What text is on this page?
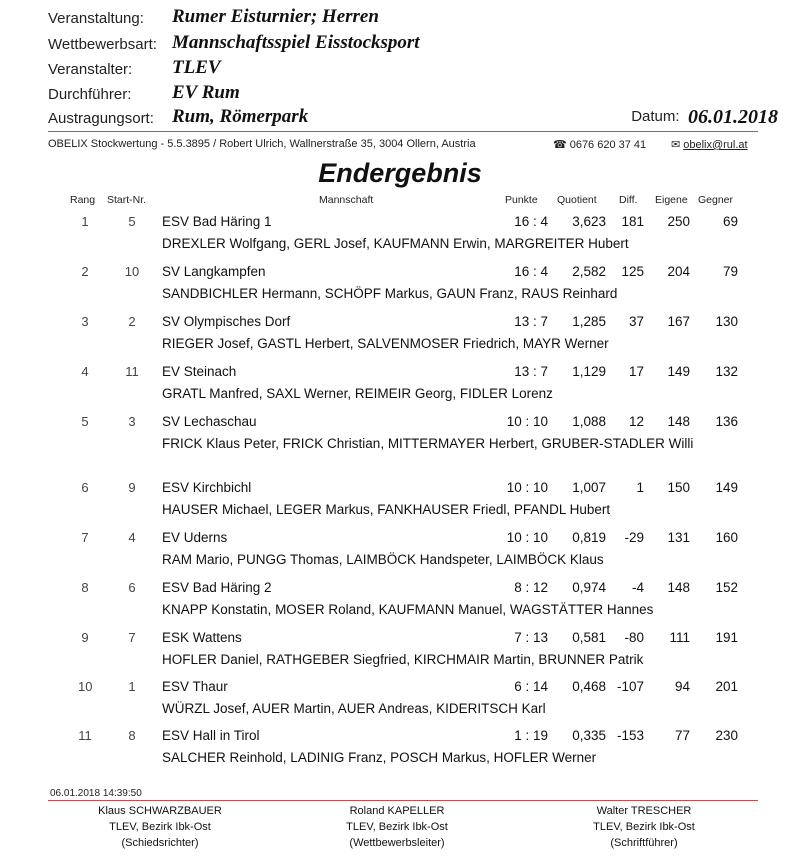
Veranstaltung: Rumer Eisturnier; Herren
Wettbewerbsart: Mannschaftsspiel Eisstocksport
Veranstalter: TLEV
Durchführer: EV Rum
Austragungsort: Rum, Römerpark	Datum: 06.01.2018
OBELIX Stockwertung - 5.5.3895 / Robert Ulrich, Wallnerstraße 35, 3004 Ollern, Austria	☎ 0676 620 37 41 ✉ obelix@rul.at
Endergebnis
Rang Start-Nr.	Mannschaft	Punkte Quotient Diff. Eigene Gegner
1	5	ESV Bad Häring 1	16 : 4	3,623	181	250	69
DREXLER Wolfgang, GERL Josef, KAUFMANN Erwin, MARGREITER Hubert
2	10 SV Langkampfen	16 : 4	2,582	125	204	79
SANDBICHLER Hermann, SCHÖPF Markus, GAUN Franz, RAUS Reinhard
3	2	SV Olympisches Dorf	13 : 7	1,285	37	167	130
RIEGER Josef, GASTL Herbert, SALVENMOSER Friedrich, MAYR Werner
4	11 EV Steinach	13 : 7	1,129	17	149	132
GRATL Manfred, SAXL Werner, REIMEIR Georg, FIDLER Lorenz
5	3	SV Lechaschau	10 : 10	1,088	12	148	136
FRICK Klaus Peter, FRICK Christian, MITTERMAYER Herbert, GRUBER-STADLER Willi
6	9	ESV Kirchbichl	10 : 10	1,007	1	150	149
HAUSER Michael, LEGER Markus, FANKHAUSER Friedl, PFANDL Hubert
7	4	EV Uderns	10 : 10	0,819	-29	131	160
RAM Mario, PUNGG Thomas, LAIMBÖCK Handspeter, LAIMBÖCK Klaus
8	6	ESV Bad Häring 2	8 : 12	0,974	-4	148	152
KNAPP Konstatin, MOSER Roland, KAUFMANN Manuel, WAGSTÄTTER Hannes
9	7	ESK Wattens	7 : 13	0,581	-80	111	191
HOFLER Daniel, RATHGEBER Siegfried, KIRCHMAIR Martin, BRUNNER Patrik
10	1	ESV Thaur	6 : 14	0,468 -107	94	201
WÜRZL Josef, AUER Martin, AUER Andreas, KIDERITSCH Karl
11	8	ESV Hall in Tirol	1 : 19	0,335 -153	77	230
SALCHER Reinhold, LADINIG Franz, POSCH Markus, HOFLER Werner
06.01.2018 14:39:50
Klaus SCHWARZBAUER
TLEV, Bezirk Ibk-Ost
(Schiedsrichter)
Roland KAPELLER
TLEV, Bezirk Ibk-Ost
(Wettbewerbsleiter)
Walter TRESCHER
TLEV, Bezirk Ibk-Ost
(Schriftführer)
